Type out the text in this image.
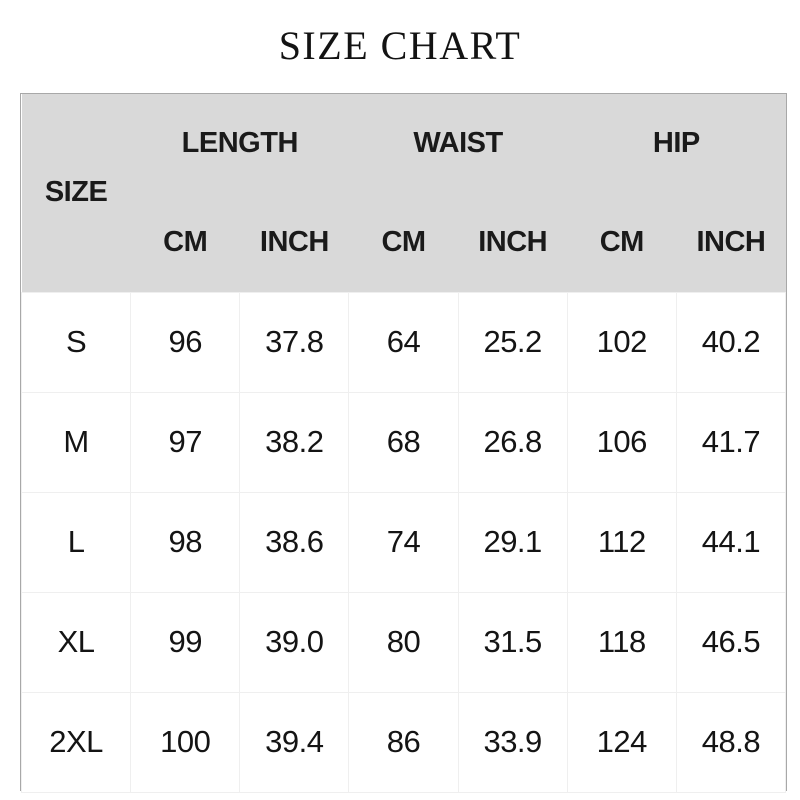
SIZE CHART
SIZE	LENGTH		WAIST		HIP	
	CM	INCH	CM	INCH	CM	INCH
S	96	37.8	64	25.2	102	40.2
M	97	38.2	68	26.8	106	41.7
L	98	38.6	74	29.1	112	44.1
XL	99	39.0	80	31.5	118	46.5
2XL	100	39.4	86	33.9	124	48.8
